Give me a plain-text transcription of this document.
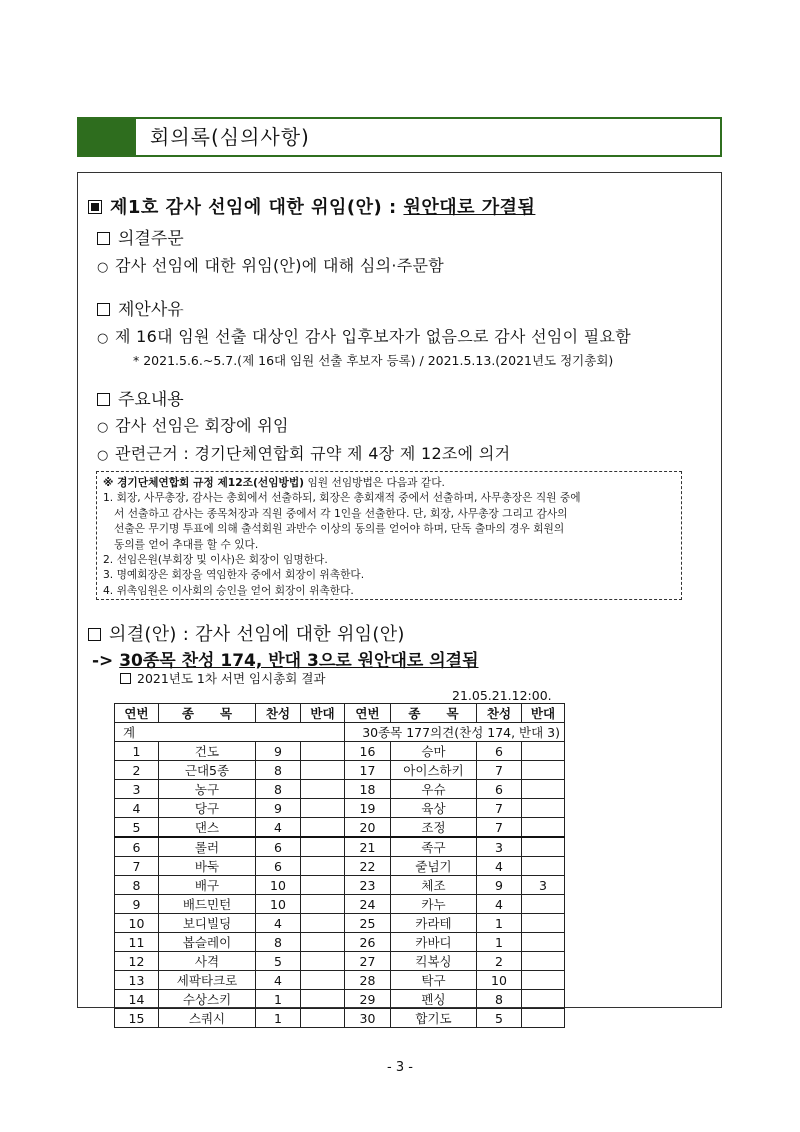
회의록(심의사항)
제1호 감사 선임에 대한 위임(안) : 원안대로 가결됨
의결주문
○ 감사 선임에 대한 위임(안)에 대해 심의·주문함
제안사유
○ 제 16대 임원 선출 대상인 감사 입후보자가 없음으로 감사 선임이 필요함
* 2021.5.6.~5.7.(제 16대 임원 선출 후보자 등록) / 2021.5.13.(2021년도 정기총회)
주요내용
○ 감사 선임은 회장에 위임
○ 관련근거 : 경기단체연합회 규약 제 4장 제 12조에 의거

※ 경기단체연합회 규정 제12조(선임방법) 임원 선임방법은 다음과 같다.

1. 회장, 사무총장, 감사는 총회에서 선출하되, 회장은 총회재적 중에서 선출하며, 사무총장은 직원 중에

서 선출하고 감사는 종목처장과 직원 중에서 각 1인을 선출한다. 단, 회장, 사무총장 그리고 감사의

선출은 무기명 투표에 의해 출석회원 과반수 이상의 동의를 얻어야 하며, 단독 출마의 경우 회원의

동의를 얻어 추대를 할 수 있다.

2. 선임은원(부회장 및 이사)은 회장이 임명한다.

3. 명예회장은 회장을 역임한자 중에서 회장이 위촉한다.

4. 위촉임원은 이사회의 승인을 얻어 회장이 위촉한다.

의결(안) : 감사 선임에 대한 위임(안)
-> 30종목 찬성 174, 반대 3으로 원안대로 의결됨
2021년도 1차 서면 임시총회 결과
21.05.21.12:00.
연번	종      목	찬성	반대	연번	종      목	찬성	반대
계				30종목 177의견(찬성 174, 반대 3)			
1	건도	9		16	승마	6	
2	근대5종	8		17	아이스하키	7	
3	농구	8		18	우슈	6	
4	당구	9		19	육상	7	
5	댄스	4		20	조정	7	
6	롤러	6		21	족구	3	
7	바둑	6		22	줄넘기	4	
8	배구	10		23	체조	9	3
9	배드민턴	10		24	카누	4	
10	보디빌딩	4		25	카라테	1	
11	봅슬레이	8		26	카바디	1	
12	사격	5		27	킥복싱	2	
13	세팍타크로	4		28	탁구	10	
14	수상스키	1		29	펜싱	8	
15	스쿼시	1		30	합기도	5	
- 3 -
